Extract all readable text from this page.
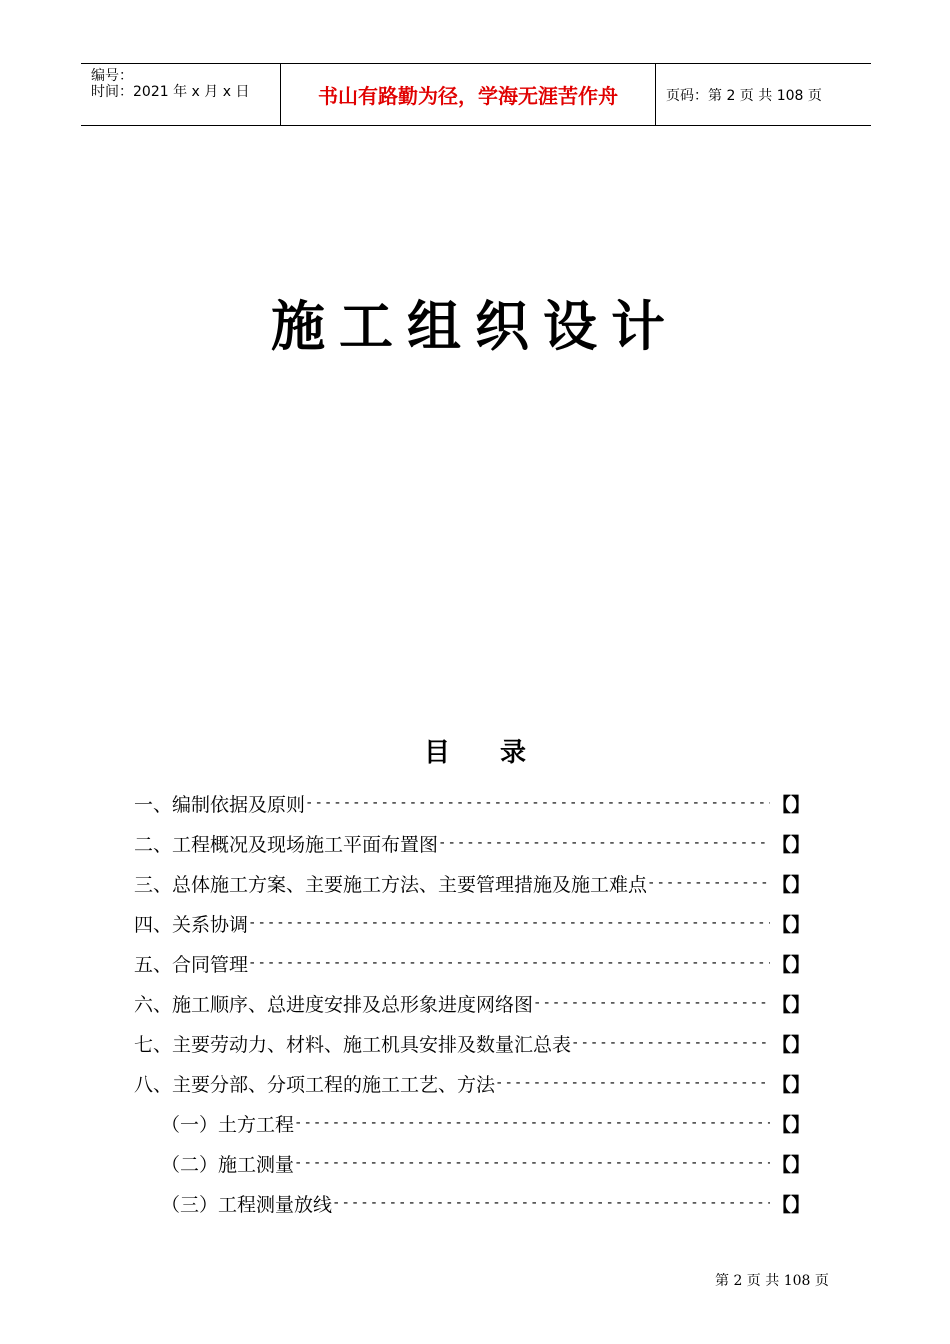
编号：
时间：2021 年 x 月 x 日	书山有路勤为径，学海无涯苦作舟	页码：第 2 页 共 108 页
施工组织设计
目录
一、编制依据及原则 -----	【】
二、工程概况及现场施工平面布置图 -----	【】
三、总体施工方案、主要施工方法、主要管理措施及施工难点 -----	【】
四、关系协调 -----	【】
五、合同管理 -----	【】
六、施工顺序、总进度安排及总形象进度网络图 -----	【】
七、主要劳动力、材料、施工机具安排及数量汇总表 -----	【】
八、主要分部、分项工程的施工工艺、方法 -----	【】
（一）土方工程 -----	【】
（二）施工测量 -----	【】
（三）工程测量放线 -----	【】
第 2 页 共 108 页
